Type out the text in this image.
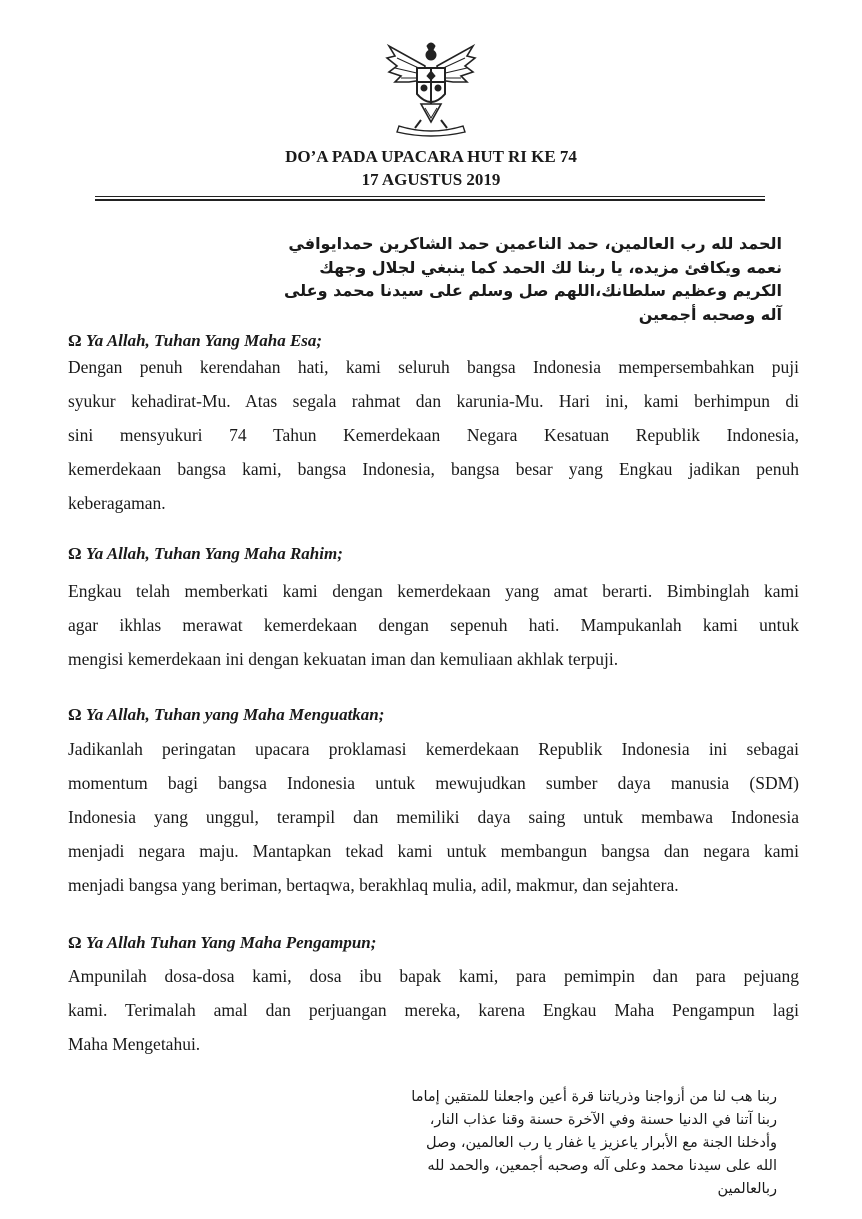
DO’A PADA UPACARA HUT RI KE 74
17 AGUSTUS 2019
الحمد لله رب العالمين، حمد الناعمين حمد الشاكرين حمدايوافي
نعمه ويكافئ مزيده، يا ربنا لك الحمد كما ينبغي لجلال وجهك
الكريم وعظيم سلطانك،اللهم صل وسلم على سيدنا محمد وعلى
آله وصحبه أجمعين
Ω Ya Allah, Tuhan Yang Maha Esa;
Dengan penuh kerendahan hati, kami seluruh bangsa Indonesia mempersembahkan puji
syukur kehadirat-Mu. Atas segala rahmat dan karunia-Mu. Hari ini, kami berhimpun di
sini mensyukuri 74 Tahun Kemerdekaan Negara Kesatuan Republik Indonesia,
kemerdekaan bangsa kami, bangsa Indonesia, bangsa besar yang Engkau jadikan penuh
keberagaman.
Ω Ya Allah, Tuhan Yang Maha Rahim;
Engkau telah memberkati kami dengan kemerdekaan yang amat berarti. Bimbinglah kami
agar ikhlas merawat kemerdekaan dengan sepenuh hati. Mampukanlah kami untuk
mengisi kemerdekaan ini dengan kekuatan iman dan kemuliaan akhlak terpuji.
Ω Ya Allah, Tuhan yang Maha Menguatkan;
Jadikanlah peringatan upacara proklamasi kemerdekaan Republik Indonesia ini sebagai
momentum bagi bangsa Indonesia untuk mewujudkan sumber daya manusia (SDM)
Indonesia yang unggul, terampil dan memiliki daya saing untuk membawa Indonesia
menjadi negara maju. Mantapkan tekad kami untuk membangun bangsa dan negara kami
menjadi bangsa yang beriman, bertaqwa, berakhlaq mulia, adil, makmur, dan sejahtera.
Ω Ya Allah Tuhan Yang Maha Pengampun;
Ampunilah dosa-dosa kami, dosa ibu bapak kami, para pemimpin dan para pejuang
kami. Terimalah amal dan perjuangan mereka, karena Engkau Maha Pengampun lagi
Maha Mengetahui.
ربنا هب لنا من أزواجنا وذرياتنا قرة أعين واجعلنا للمتقين إماما
ربنا آتنا في الدنيا حسنة وفي الآخرة حسنة وقنا عذاب النار،
وأدخلنا الجنة مع الأبرار ياعزيز يا غفار يا رب العالمين، وصل
الله على سيدنا محمد وعلى آله وصحبه أجمعين، والحمد لله
ربالعالمين
